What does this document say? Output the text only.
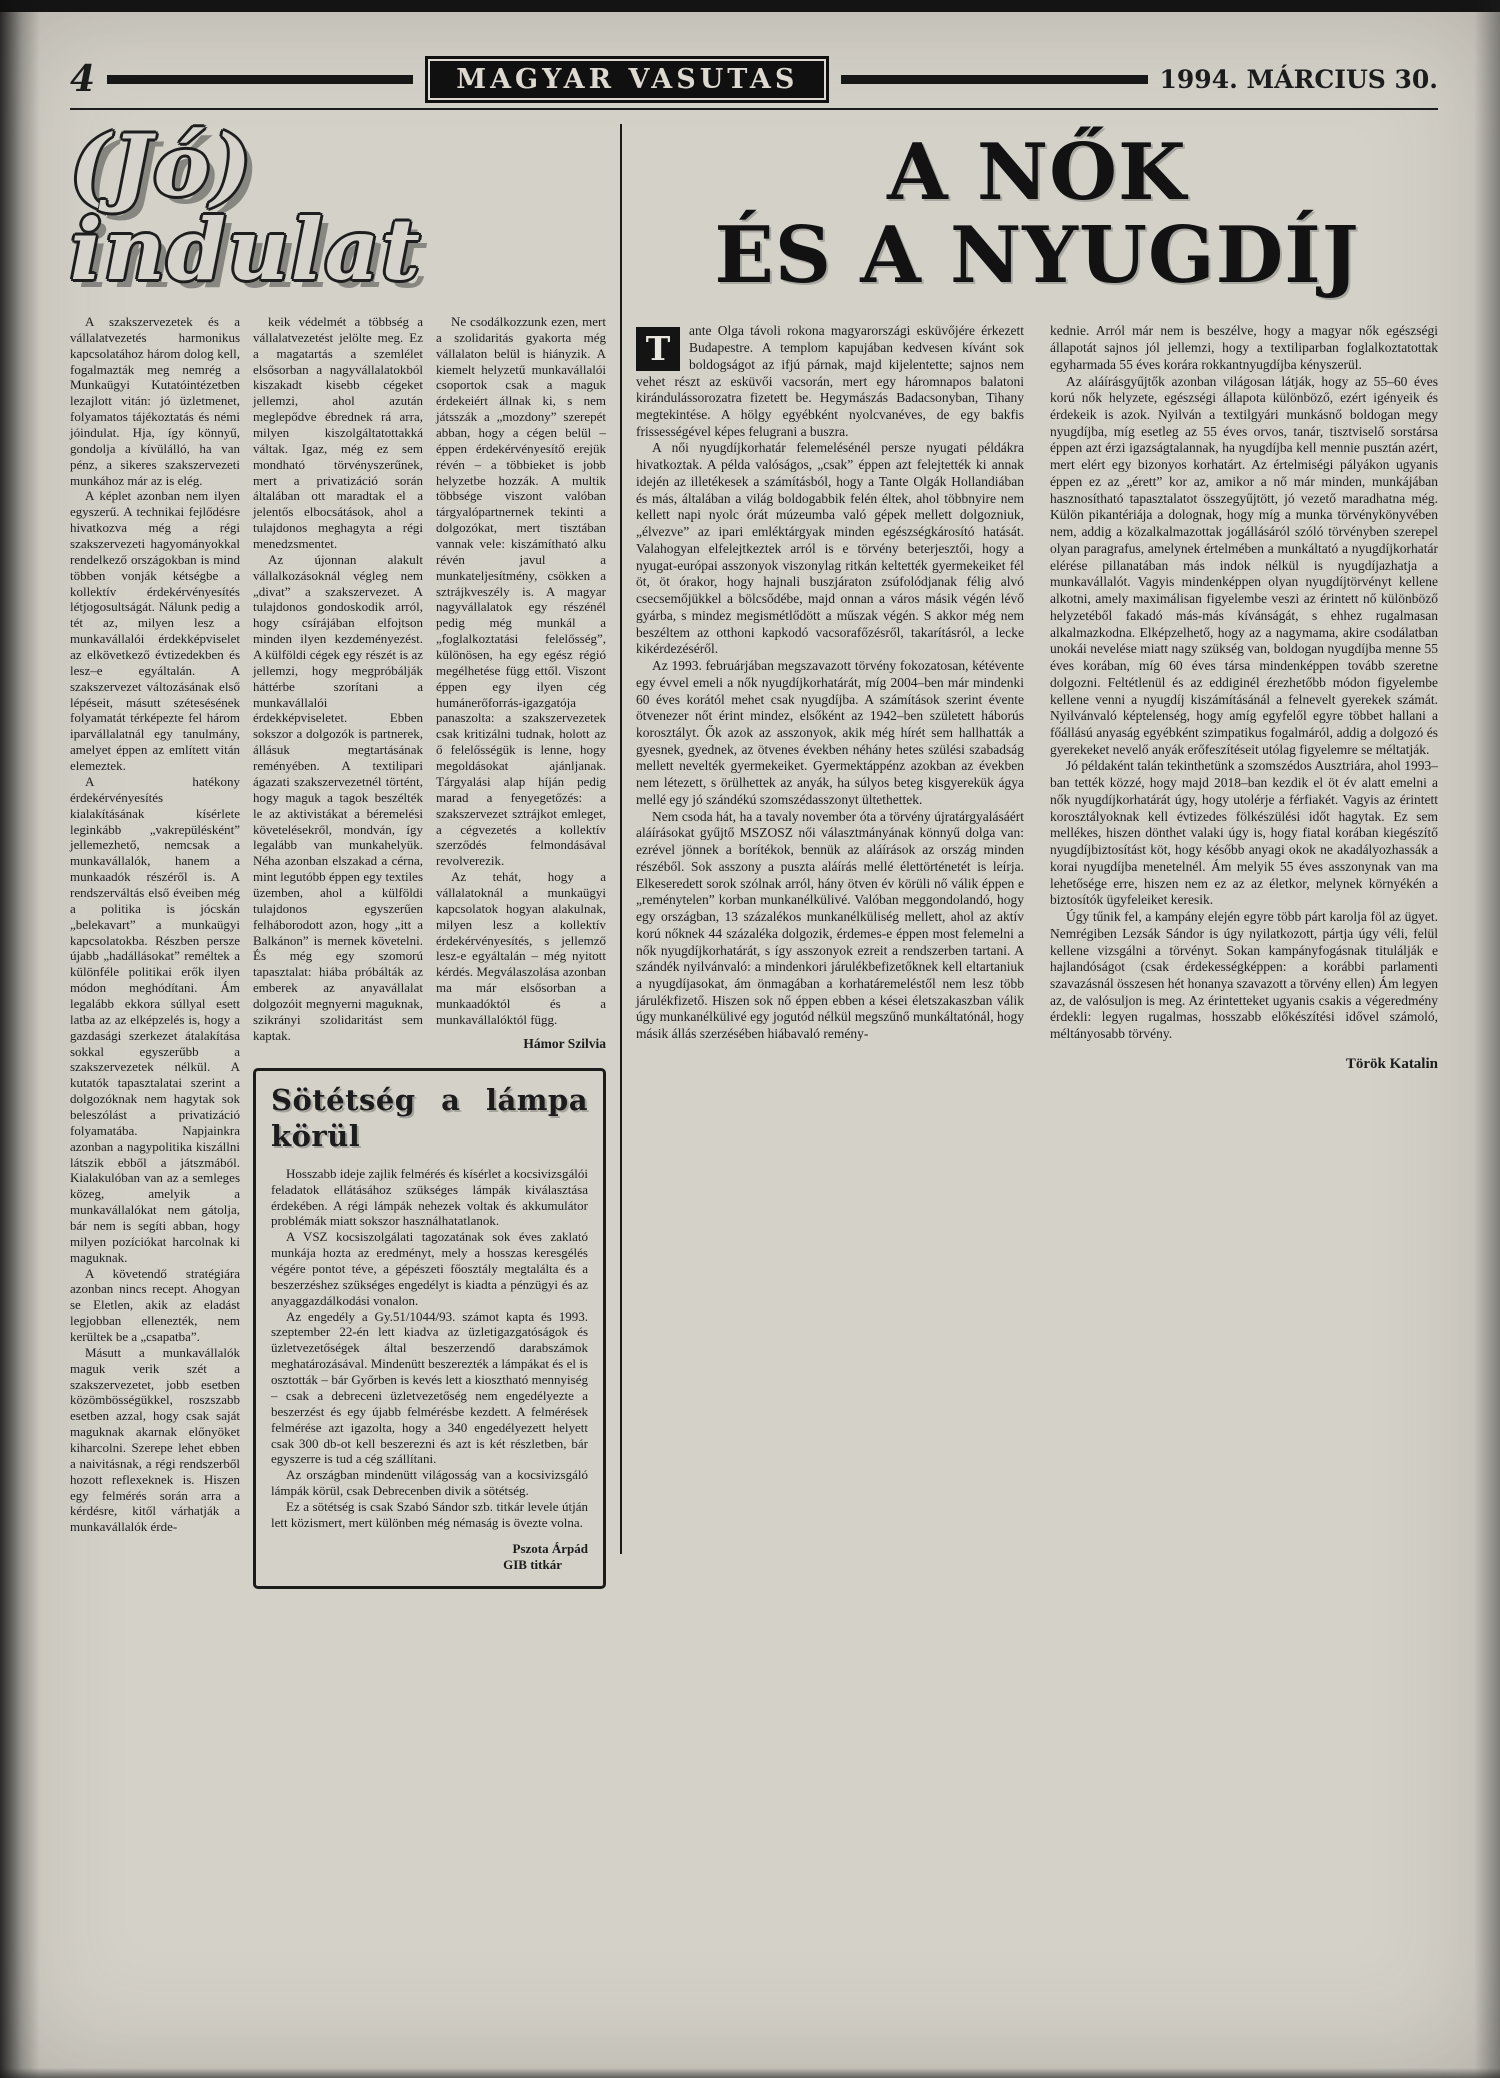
4	MAGYAR VASUTAS	1994. MÁRCIUS 30.
(Jó) indulat

A szakszervezetek és a vállalatvezetés harmonikus kapcsolatához három dolog kell, fogalmazták meg nemrég a Munkaügyi Kutatóintézetben lezajlott vitán: jó üzletmenet, folyamatos tájékoztatás és némi jóindulat. Hja, így könnyű, gondolja a kívülálló, ha van pénz, a sikeres szakszervezeti munkához már az is elég.

A képlet azonban nem ilyen egyszerű. A technikai fejlődésre hivatkozva még a régi szakszervezeti hagyományokkal rendelkező országokban is mind többen vonják kétségbe a kollektív érdekérvényesítés létjogosultságát. Nálunk pedig a tét az, milyen lesz a munkavállalói érdekképviselet az elkövetkező évtizedekben és lesz–e egyáltalán. A szakszervezet változásának első lépéseit, másutt szétesésének folyamatát térképezte fel három iparvállalatnál egy tanulmány, amelyet éppen az említett vitán elemeztek.

A hatékony érdekérvényesítés kialakításának kísérlete leginkább „vakrepülésként” jellemezhető, nemcsak a munkavállalók, hanem a munkaadók részéről is. A rendszerváltás első éveiben még a politika is jócskán „belekavart” a munkaügyi kapcsolatokba. Részben persze újabb „hadállásokat” reméltek a különféle politikai erők ilyen módon meghódítani. Ám legalább ekkora súllyal esett latba az az elképzelés is, hogy a gazdasági szerkezet átalakítása sokkal egyszerűbb a szakszervezetek nélkül. A kutatók tapasztalatai szerint a dolgozóknak nem hagytak sok beleszólást a privatizáció folyamatába. Napjainkra azonban a nagypolitika kiszállni látszik ebből a játszmából. Kialakulóban van az a semleges közeg, amelyik a munkavállalókat nem gátolja, bár nem is segíti abban, hogy milyen pozíciókat harcolnak ki maguknak.

A követendő stratégiára azonban nincs recept. Ahogyan se Eletlen, akik az eladást legjobban ellenezték, nem kerültek be a „csapatba”.

Másutt a munkavállalók maguk verik szét a szakszervezetet, jobb esetben közömbösségükkel, roszszabb esetben azzal, hogy csak saját maguknak akarnak előnyöket kiharcolni. Szerepe lehet ebben a naivitásnak, a régi rendszerből hozott reflexeknek is. Hiszen egy felmérés során arra a kérdésre, kitől várhatják a munkavállalók érde-

keik védelmét a többség a vállalatvezetést jelölte meg. Ez a magatartás a szemlélet elsősorban a nagyvállalatokból kiszakadt kisebb cégeket jellemzi, ahol azután meglepődve ébrednek rá arra, milyen kiszolgáltatottakká váltak. Igaz, még ez sem mondható törvényszerűnek, mert a privatizáció során általában ott maradtak el a jelentős elbocsátások, ahol a tulajdonos meghagyta a régi menedzsmentet.

Az újonnan alakult vállalkozásoknál végleg nem „divat” a szakszervezet. A tulajdonos gondoskodik arról, hogy csírájában elfojtson minden ilyen kezdeményezést. A külföldi cégek egy részét is az jellemzi, hogy megpróbálják háttérbe szorítani a munkavállalói érdekképviseletet. Ebben sokszor a dolgozók is partnerek, állásuk megtartásának reményében. A textilipari ágazati szakszervezetnél történt, hogy maguk a tagok beszélték le az aktivistákat a béremelési követelésekről, mondván, így legalább van munkahelyük. Néha azonban elszakad a cérna, mint legutóbb éppen egy textiles üzemben, ahol a külföldi tulajdonos egyszerűen felháborodott azon, hogy „itt a Balkánon” is mernek követelni. És még egy szomorú tapasztalat: hiába próbálták az emberek az anyavállalat dolgozóit megnyerni maguknak, szikrányi szolidaritást sem kaptak.

Ne csodálkozzunk ezen, mert a szolidaritás gyakorta még vállalaton belül is hiányzik. A kiemelt helyzetű munkavállalói csoportok csak a maguk érdekeiért állnak ki, s nem játsszák a „mozdony” szerepét abban, hogy a cégen belül – éppen érdekérvényesítő erejük révén – a többieket is jobb helyzetbe hozzák. A multik többsége viszont valóban tárgyalópartnernek tekinti a dolgozókat, mert tisztában vannak vele: kiszámítható alku révén javul a munkateljesítmény, csökken a sztrájkveszély is. A magyar nagyvállalatok egy részénél pedig még munkál a „foglalkoztatási felelősség”, különösen, ha egy egész régió megélhetése függ ettől. Viszont éppen egy ilyen cég humánerőforrás-igazgatója panaszolta: a szakszervezetek csak kritizálni tudnak, holott az ő felelősségük is lenne, hogy megoldásokat ajánljanak. Tárgyalási alap híján pedig marad a fenyegetőzés: a szakszervezet sztrájkot emleget, a cégvezetés a kollektív szerződés felmondásával revolverezik.

Az tehát, hogy a vállalatoknál a munkaügyi kapcsolatok hogyan alakulnak, milyen lesz a kollektív érdekérvényesítés, s jellemző lesz-e egyáltalán – még nyitott kérdés. Megválaszolása azonban ma már elsősorban a munkaadóktól és a munkavállalóktól függ.

Hámor Szilvia
Sötétség a lámpa körül

Hosszabb ideje zajlik felmérés és kísérlet a kocsivizsgálói feladatok ellátásához szükséges lámpák kiválasztása érdekében. A régi lámpák nehezek voltak és akkumulátor problémák miatt sokszor használhatatlanok.

A VSZ kocsiszolgálati tagozatának sok éves zaklató munkája hozta az eredményt, mely a hosszas keresgélés végére pontot téve, a gépészeti főosztály megtalálta és a beszerzéshez szükséges engedélyt is kiadta a pénzügyi és az anyaggazdálkodási vonalon.

Az engedély a Gy.51/1044/93. számot kapta és 1993. szeptember 22-én lett kiadva az üzletigazgatóságok és üzletvezetőségek által beszerzendő darabszámok meghatározásával. Mindenütt beszerezték a lámpákat és el is osztották – bár Győrben is kevés lett a kiosztható mennyiség – csak a debreceni üzletvezetőség nem engedélyezte a beszerzést és egy újabb felmérésbe kezdett. A felmérések felmérése azt igazolta, hogy a 340 engedélyezett helyett csak 300 db-ot kell beszerezni és azt is két részletben, bár egyszerre is tud a cég szállítani.

Az országban mindenütt világosság van a kocsivizsgáló lámpák körül, csak Debrecenben divik a sötétség.

Ez a sötétség is csak Szabó Sándor szb. titkár levele útján lett közismert, mert különben még némaság is övezte volna.

Pszota Árpád
GIB titkár
A NŐK
ÉS A NYUGDÍJ

T	ante Olga távoli rokona magyarországi esküvőjére érkezett Budapestre. A templom kapujában kedvesen kívánt sok boldogságot az ifjú párnak, majd kijelentette; sajnos nem vehet részt az esküvői vacsorán, mert egy háromnapos balatoni kirándulássorozatra fizetett be. Hegymászás Badacsonyban, Tihany megtekintése. A hölgy egyébként nyolcvanéves, de egy bakfis frissességével képes felugrani a buszra.

A női nyugdíjkorhatár felemelésénél persze nyugati példákra hivatkoztak. A példa valóságos, „csak” éppen azt felejtették ki annak idején az illetékesek a számításból, hogy a Tante Olgák Hollandiában és más, általában a világ boldogabbik felén éltek, ahol többnyire nem kellett napi nyolc órát múzeumba való gépek mellett dolgozniuk, „élvezve” az ipari emléktárgyak minden egészségkárosító hatását. Valahogyan elfelejtkeztek arról is e törvény beterjesztői, hogy a nyugat-európai asszonyok viszonylag ritkán keltették gyermekeiket fél öt, öt órakor, hogy hajnali buszjáraton zsúfolódjanak félig alvó csecsemőjükkel a bölcsődébe, majd onnan a város másik végén lévő gyárba, s mindez megismétlődött a műszak végén. S akkor még nem beszéltem az otthoni kapkodó vacsorafőzésről, takarításról, a lecke kikérdezéséről.

Az 1993. februárjában megszavazott törvény fokozatosan, kétévente egy évvel emeli a nők nyugdíjkorhatárát, míg 2004–ben már mindenki 60 éves korától mehet csak nyugdíjba. A számítások szerint évente ötvenezer nőt érint mindez, elsőként az 1942–ben született háborús korosztályt. Ők azok az asszonyok, akik még hírét sem hallhatták a gyesnek, gyednek, az ötvenes években néhány hetes szülési szabadság mellett nevelték gyermekeiket. Gyermektáppénz azokban az években nem létezett, s örülhettek az anyák, ha súlyos beteg kisgyerekük ágya mellé egy jó szándékú szomszédasszonyt ültethettek.

Nem csoda hát, ha a tavaly november óta a törvény újratárgyalásáért aláírásokat gyűjtő MSZOSZ női választmányának könnyű dolga van: ezrével jönnek a borítékok, bennük az aláírások az ország minden részéből. Sok asszony a puszta aláírás mellé élettörténetét is leírja. Elkeseredett sorok szólnak arról, hány ötven év körüli nő válik éppen e „reménytelen” korban munkanélkülivé. Valóban meggondolandó, hogy egy országban, 13 százalékos munkanélküliség mellett, ahol az aktív korú nőknek 44 százaléka dolgozik, érdemes-e éppen most felemelni a nők nyugdíjkorhatárát, s így asszonyok ezreit a rendszerben tartani. A szándék nyilvánvaló: a mindenkori járulékbefizetőknek kell eltartaniuk a nyugdíjasokat, ám önmagában a korhatáremeléstől nem lesz több járulékfizető. Hiszen sok nő éppen ebben a kései életszakaszban válik úgy munkanélkülivé egy jogutód nélkül megszűnő munkáltatónál, hogy másik állás szerzésében hiábavaló remény-

kednie. Arról már nem is beszélve, hogy a magyar nők egészségi állapotát sajnos jól jellemzi, hogy a textiliparban foglalkoztatottak egyharmada 55 éves korára rokkantnyugdíjba kényszerül.

Az aláírásgyűjtők azonban világosan látják, hogy az 55–60 éves korú nők helyzete, egészségi állapota különböző, ezért igényeik és érdekeik is azok. Nyilván a textilgyári munkásnő boldogan megy nyugdíjba, míg esetleg az 55 éves orvos, tanár, tisztviselő sorstársa éppen azt érzi igazságtalannak, ha nyugdíjba kell mennie pusztán azért, mert elért egy bizonyos korhatárt. Az értelmiségi pályákon ugyanis éppen ez az „érett” kor az, amikor a nő már minden, munkájában hasznosítható tapasztalatot összegyűjtött, jó vezető maradhatna még. Külön pikantériája a dolognak, hogy míg a munka törvénykönyvében nem, addig a közalkalmazottak jogállásáról szóló törvényben szerepel olyan paragrafus, amelynek értelmében a munkáltató a nyugdíjkorhatár elérése pillanatában más indok nélkül is nyugdíjazhatja a munkavállalót. Vagyis mindenképpen olyan nyugdíjtörvényt kellene alkotni, amely maximálisan figyelembe veszi az érintett nő különböző helyzetéből fakadó más-más kívánságát, s ehhez rugalmasan alkalmazkodna. Elképzelhető, hogy az a nagymama, akire csodálatban unokái nevelése miatt nagy szükség van, boldogan nyugdíjba menne 55 éves korában, míg 60 éves társa mindenképpen tovább szeretne dolgozni. Feltétlenül és az eddiginél érezhetőbb módon figyelembe kellene venni a nyugdíj kiszámításánál a felnevelt gyerekek számát. Nyilvánvaló képtelenség, hogy amíg egyfelől egyre többet hallani a főállású anyaság egyébként szimpatikus fogalmáról, addig a dolgozó és gyerekeket nevelő anyák erőfeszítéseit utólag figyelemre se méltatják.

Jó példaként talán tekinthetünk a szomszédos Ausztriára, ahol 1993–ban tették közzé, hogy majd 2018–ban kezdik el öt év alatt emelni a nők nyugdíjkorhatárát úgy, hogy utolérje a férfiakét. Vagyis az érintett korosztályoknak kell évtizedes fölkészülési időt hagytak. Ez sem mellékes, hiszen dönthet valaki úgy is, hogy fiatal korában kiegészítő nyugdíjbiztosítást köt, hogy később anyagi okok ne akadályozhassák a korai nyugdíjba menetelnél. Ám melyik 55 éves asszonynak van ma lehetősége erre, hiszen nem ez az az életkor, melynek környékén a biztosítók ügyfeleiket keresik.

Úgy tűnik fel, a kampány elején egyre több párt karolja föl az ügyet. Nemrégiben Lezsák Sándor is úgy nyilatkozott, pártja úgy véli, felül kellene vizsgálni a törvényt. Sokan kampányfogásnak titulálják e hajlandóságot (csak érdekességképpen: a korábbi parlamenti szavazásnál összesen hét honanya szavazott a törvény ellen) Ám legyen az, de valósuljon is meg. Az érintetteket ugyanis csakis a végeredmény érdekli: legyen rugalmas, hosszabb előkészítési idővel számoló, méltányosabb törvény.

Török Katalin
